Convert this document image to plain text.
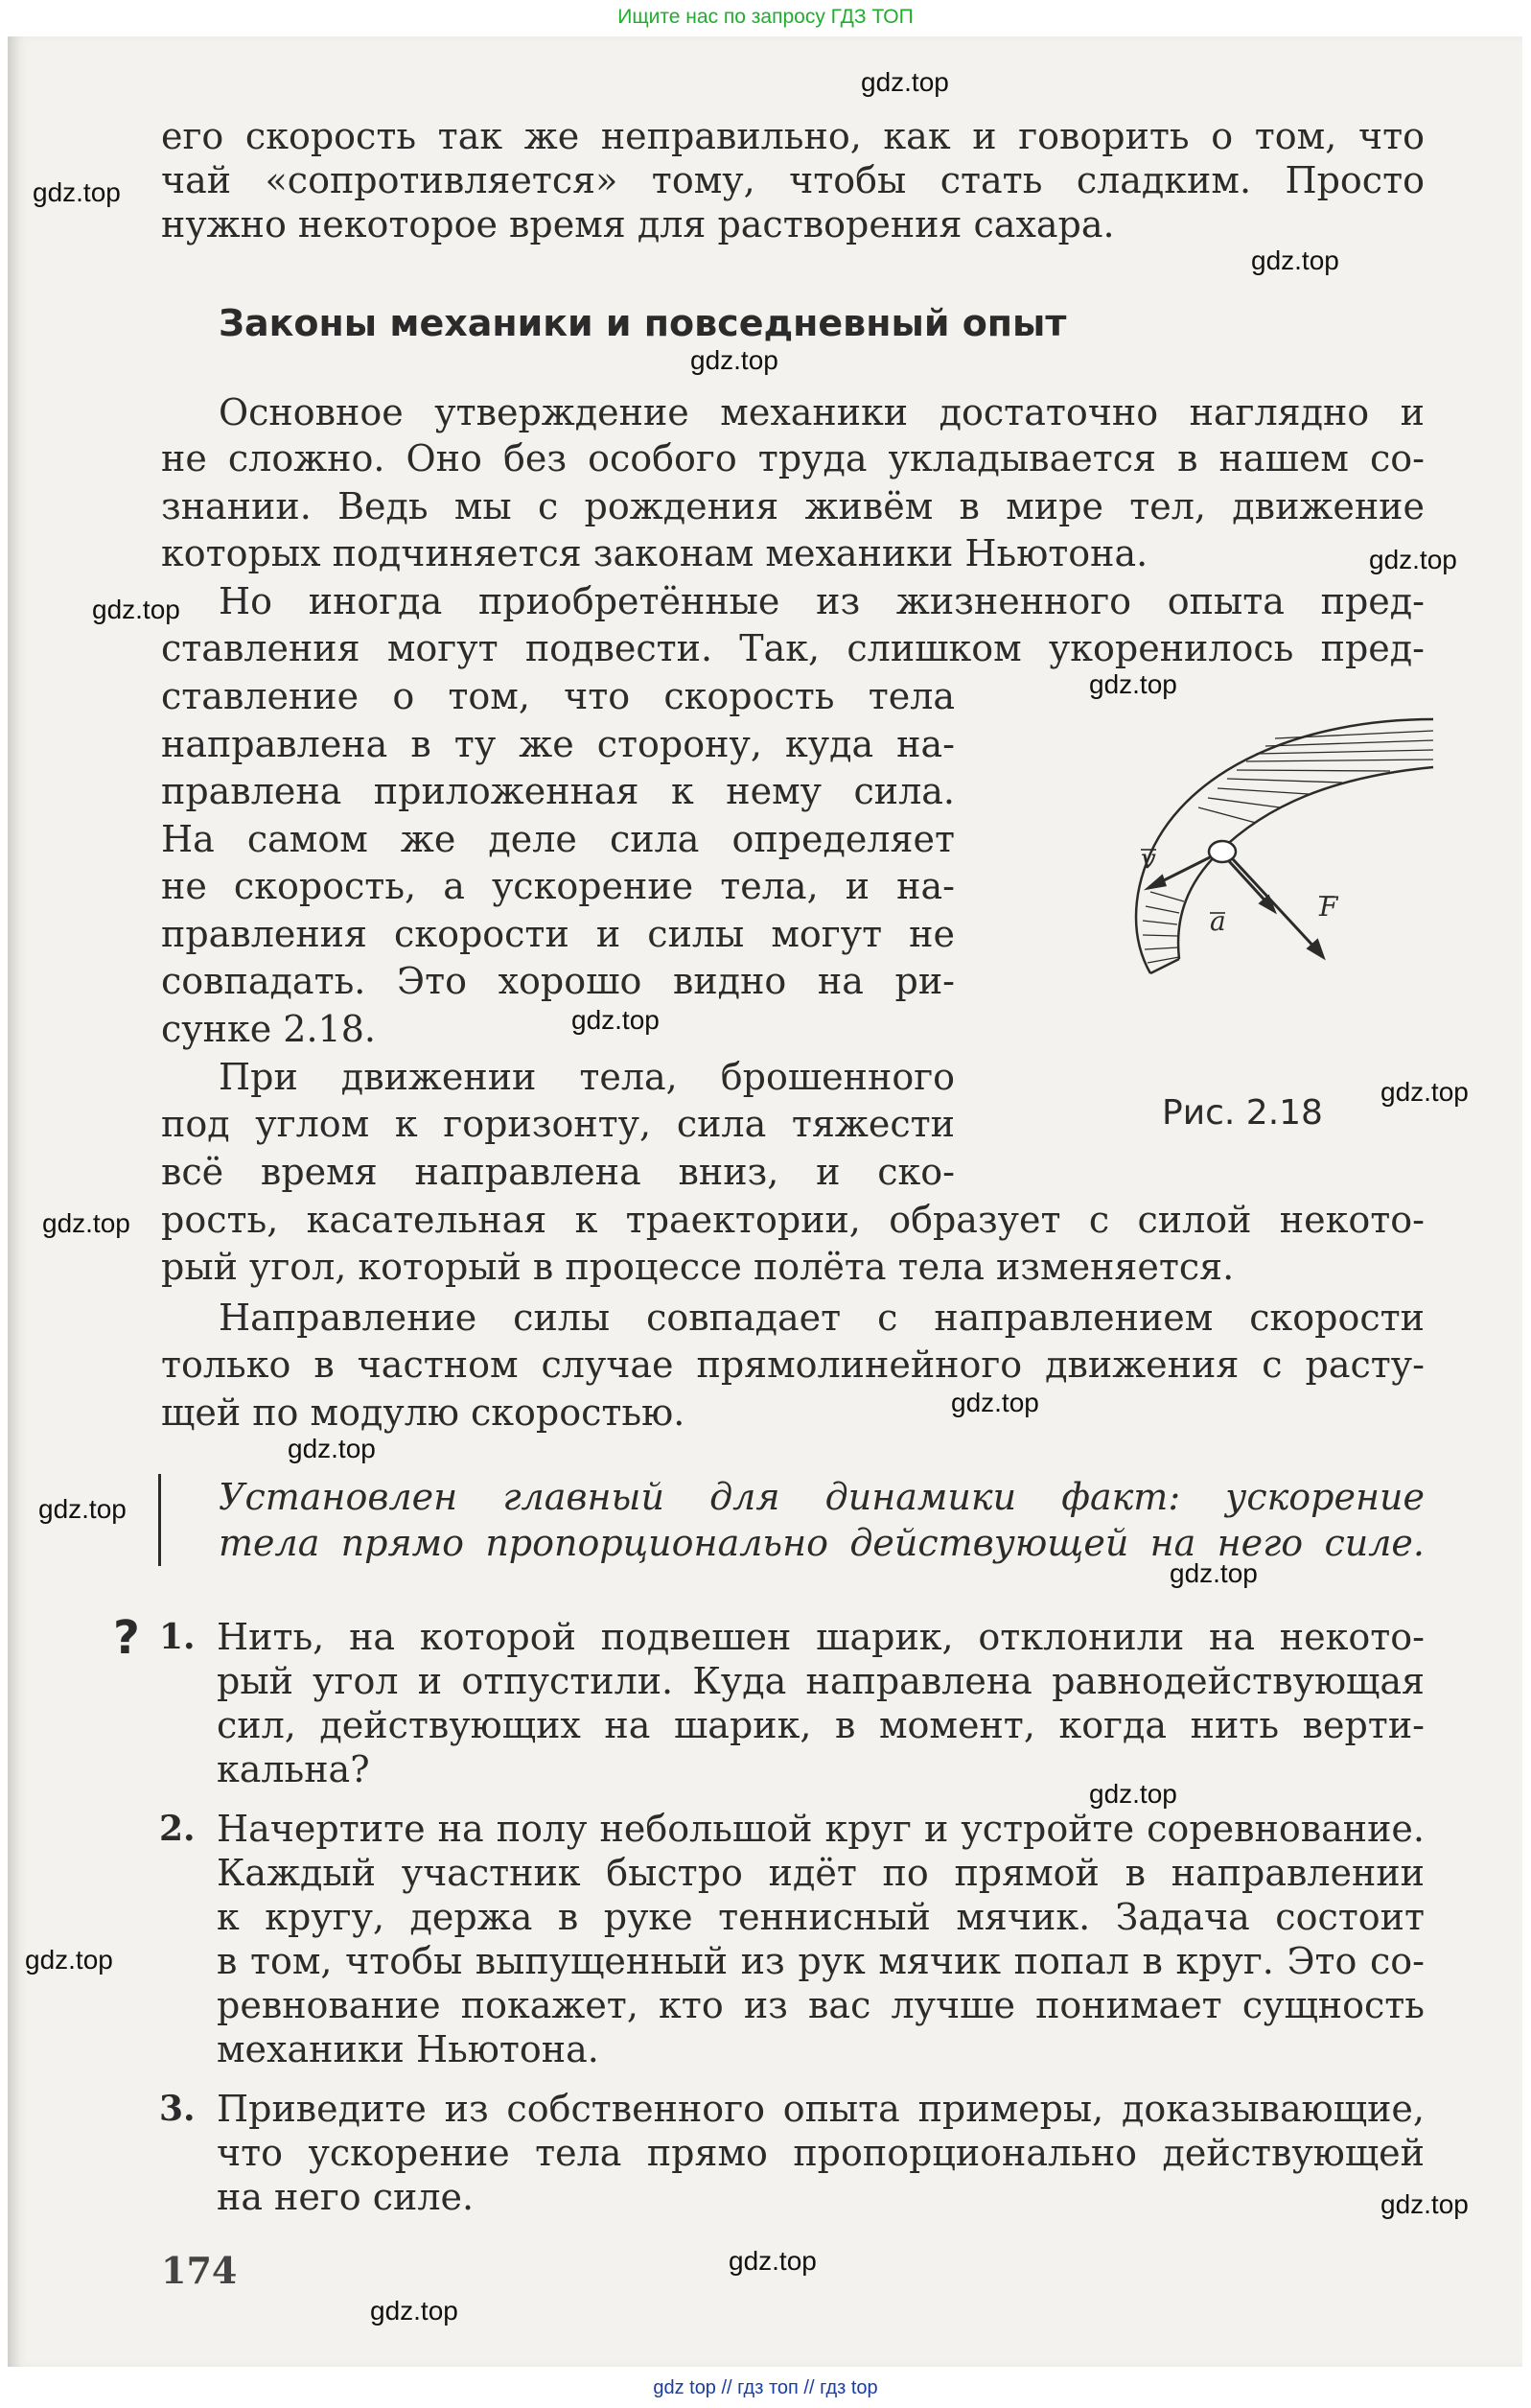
Ищите нас по запросу ГДЗ ТОП
его скорость так же неправильно, как и говорить о том, что
чай «сопротивляется» тому, чтобы стать сладким. Просто
нужно некоторое время для растворения сахара.
Законы механики и повседневный опыт
Основное утверждение механики достаточно наглядно и
не сложно. Оно без особого труда укладывается в нашем со-
знании. Ведь мы с рождения живём в мире тел, движение
которых подчиняется законам механики Ньютона.
Но иногда приобретённые из жизненного опыта пред-
ставления могут подвести. Так, слишком укоренилось пред-
ставление о том, что скорость тела
направлена в ту же сторону, куда на-
правлена приложенная к нему сила.
На самом же деле сила определяет
не скорость, а ускорение тела, и на-
правления скорости и силы могут не
совпадать. Это хорошо видно на ри-
сунке 2.18.
При движении тела, брошенного
под углом к горизонту, сила тяжести
всё время направлена вниз, и ско-
рость, касательная к траектории, образует с силой некото-
рый угол, который в процессе полёта тела изменяется.
Направление силы совпадает с направлением скорости
только в частном случае прямолинейного движения с расту-
щей по модулю скоростью.
Установлен главный для динамики факт: ускорение
тела прямо пропорционально действующей на него силе.
v
a	F
Рис. 2.18
? 1. Нить, на которой подвешен шарик, отклонили на некото-
рый угол и отпустили. Куда направлена равнодействующая
сил, действующих на шарик, в момент, когда нить верти-
кальна?
2. Начертите на полу небольшой круг и устройте соревнование.
Каждый участник быстро идёт по прямой в направлении
к кругу, держа в руке теннисный мячик. Задача состоит
в том, чтобы выпущенный из рук мячик попал в круг. Это со-
ревнование покажет, кто из вас лучше понимает сущность
механики Ньютона.
3. Приведите из собственного опыта примеры, доказывающие,
что ускорение тела прямо пропорционально действующей
на него силе.
174
gdz.top
gdz.top
gdz.top
gdz.top
gdz.top
gdz.top
gdz.top
gdz.top
gdz.top
gdz.top
gdz.top
gdz.top
gdz.top
gdz.top
gdz.top
gdz.top
gdz.top
gdz.top
gdz.top
gdz top // гдз топ // гдз top
